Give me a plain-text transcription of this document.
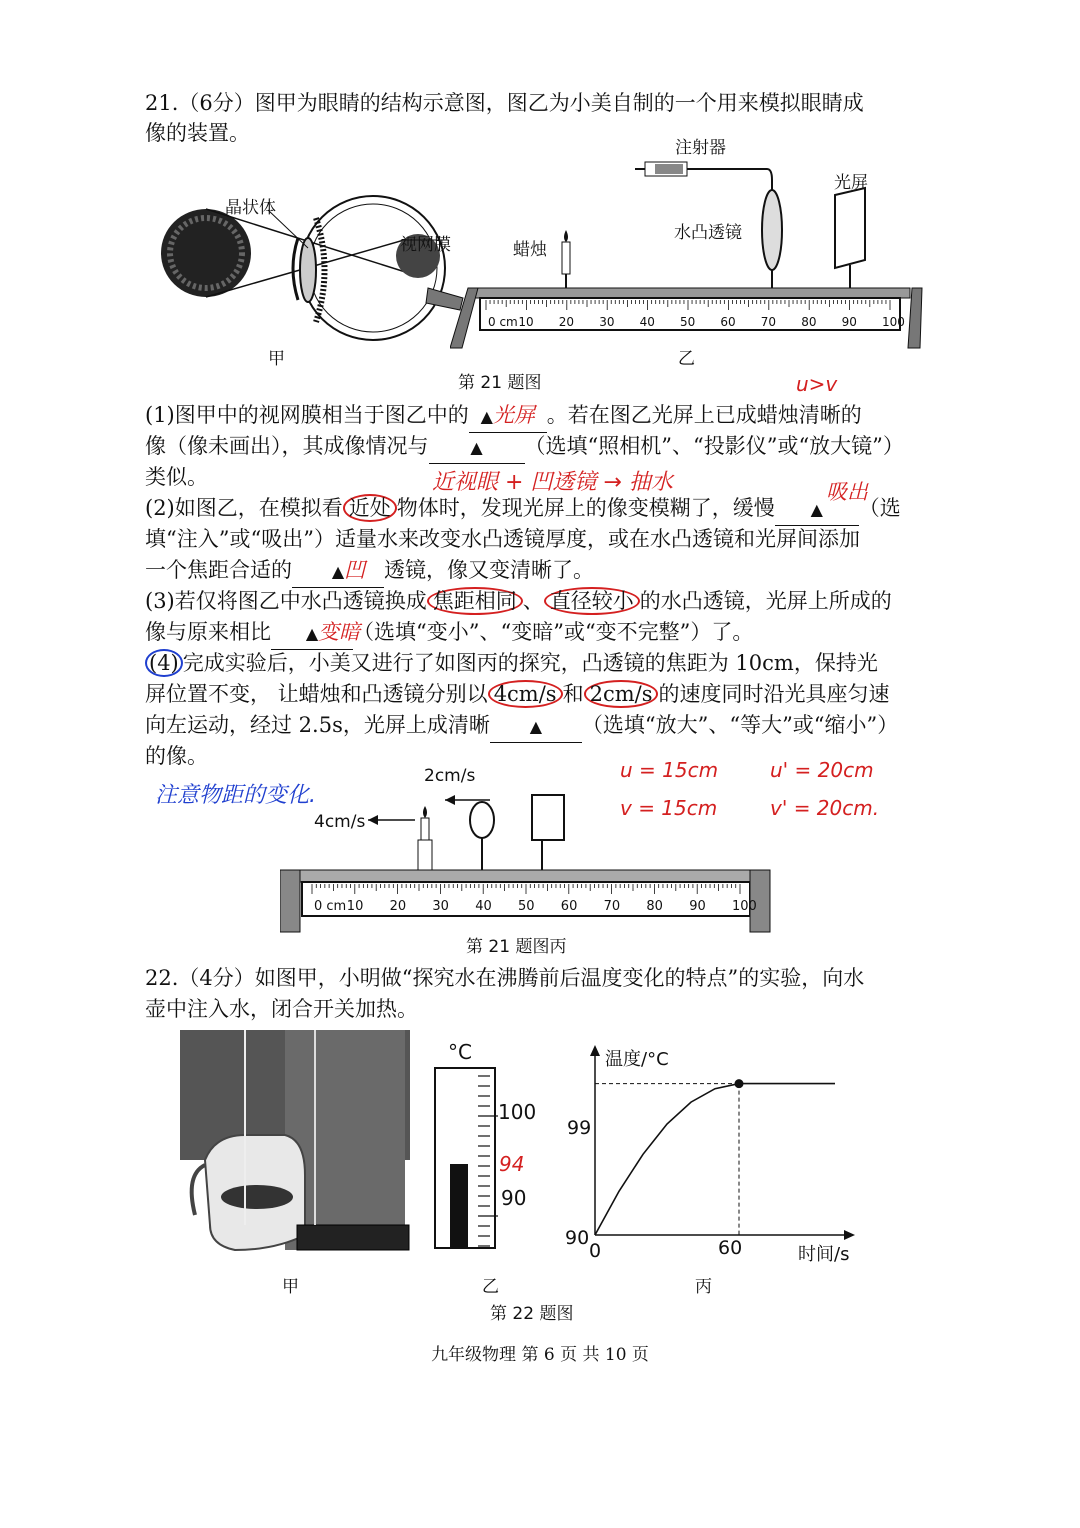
21.（6分）图甲为眼睛的结构示意图，图乙为小美自制的一个用来模拟眼睛成
像的装置。
晶状体
视网膜
甲
0 cm 10 20 30 40 50 60 70 80 90 100
注射器
光屏
水凸透镜
蜡烛
乙
第 21 题图	u>v
(1)图甲中的视网膜相当于图乙中的 ▲光屏 。若在图乙光屏上已成蜡烛清晰的
像（像未画出），其成像情况与	▲ （选填“照相机”、“投影仪”或“放大镜”）
类似。	近视眼 + 凹透镜 → 抽水
(2)如图乙，在模拟看 近处 物体时，发现光屏上的像变模糊了，缓慢 ▲ （选
吸出
填“注入”或“吸出”）适量水来改变水凸透镜厚度，或在水凸透镜和光屏间添加
一个焦距合适的 ▲ 凹 透镜，像又变清晰了。
(3)若仅将图乙中水凸透镜换成 焦距相同 、 直径较小 的水凸透镜，光屏上所成的
像与原来相比 ▲ 变暗
（选填“变小”、“变暗”或“变不完整”）了。
(4) 完成实验后，小美又进行了如图丙的探究，凸透镜的焦距为 10cm，保持光
屏位置不变， 让蜡烛和凸透镜分别以 4cm/s 和 2cm/s 的速度同时沿光具座匀速
向左运动，经过 2.5s，光屏上成清晰 ▲ （选填“放大”、“等大”或“缩小”）
的像。
注意物距的变化.
u = 15cm
v = 15cm
u' = 20cm
v' = 20cm.
0 cm 10 20 30 40 50 60 70 80 90 100
2cm/s
4cm/s
第 21 题图丙
22.（4分）如图甲，小明做“探究水在沸腾前后温度变化的特点”的实验，向水
壶中注入水，闭合开关加热。
°C
100
90
94
温度/°C
时间/s
99
90
0	60
甲	乙	丙
第 22 题图
九年级物理 第 6 页 共 10 页
